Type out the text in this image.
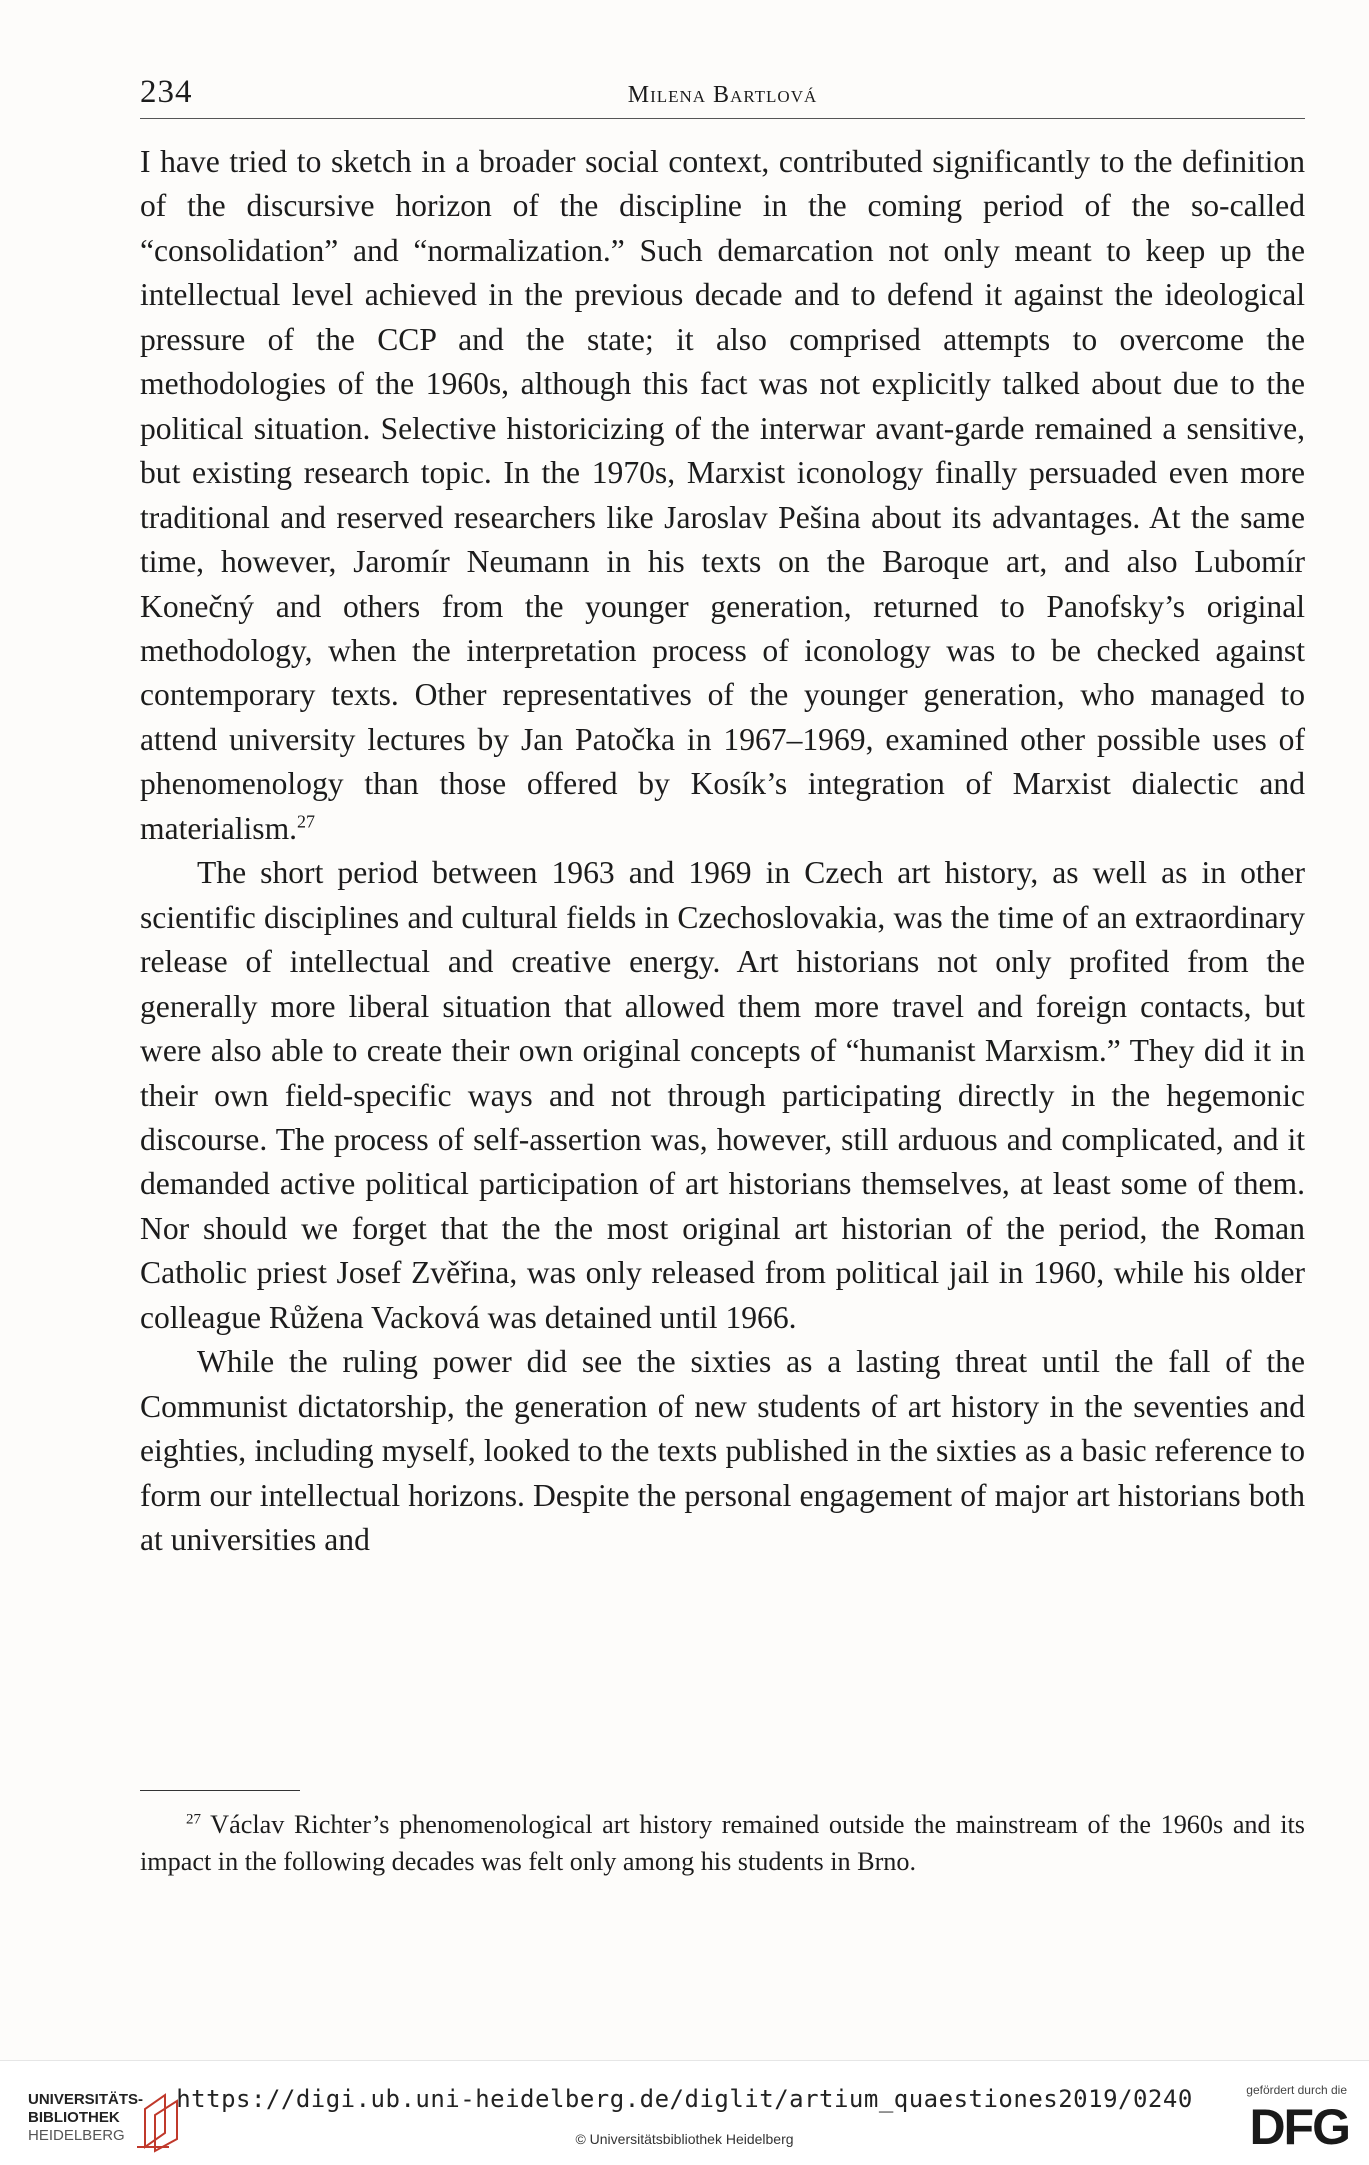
234	Milena Bartlová

I have tried to sketch in a broader social context, contributed significantly to the definition of the discursive horizon of the discipline in the coming period of the so-called “consolidation” and “normalization.” Such demarcation not only meant to keep up the intellectual level achieved in the previous decade and to defend it against the ideological pressure of the CCP and the state; it also comprised attempts to overcome the methodologies of the 1960s, although this fact was not explicitly talked about due to the political situation. Selective historicizing of the interwar avant-garde remained a sensitive, but existing research topic. In the 1970s, Marxist iconology finally persuaded even more traditional and reserved researchers like Jaroslav Pešina about its advantages. At the same time, however, Jaromír Neumann in his texts on the Baroque art, and also Lubomír Konečný and others from the younger generation, returned to Panofsky’s original methodology, when the interpretation process of iconology was to be checked against contemporary texts. Other representatives of the younger generation, who managed to attend university lectures by Jan Patočka in 1967–1969, examined other possible uses of phenomenology than those offered by Kosík’s integration of Marxist dialectic and materialism.$^{27}$

The short period between 1963 and 1969 in Czech art history, as well as in other scientific disciplines and cultural fields in Czechoslovakia, was the time of an extraordinary release of intellectual and creative energy. Art historians not only profited from the generally more liberal situation that allowed them more travel and foreign contacts, but were also able to create their own original concepts of “humanist Marxism.” They did it in their own field-specific ways and not through participating directly in the hegemonic discourse. The process of self-assertion was, however, still arduous and complicated, and it demanded active political participation of art historians themselves, at least some of them. Nor should we forget that the the most original art historian of the period, the Roman Catholic priest Josef Zvěřina, was only released from political jail in 1960, while his older colleague Růžena Vacková was detained until 1966.

While the ruling power did see the sixties as a lasting threat until the fall of the Communist dictatorship, the generation of new students of art history in the seventies and eighties, including myself, looked to the texts published in the sixties as a basic reference to form our intellectual horizons. Despite the personal engagement of major art historians both at universities and

$^{27}$ Václav Richter’s phenomenological art history remained outside the mainstream of the 1960s and its impact in the following decades was felt only among his students in Brno.

UNIVERSITÄTS-
BIBLIOTHEK
HEIDELBERG
https://digi.ub.uni-heidelberg.de/diglit/artium_quaestiones2019/0240
© Universitätsbibliothek Heidelberg
gefördert durch die
DFG
